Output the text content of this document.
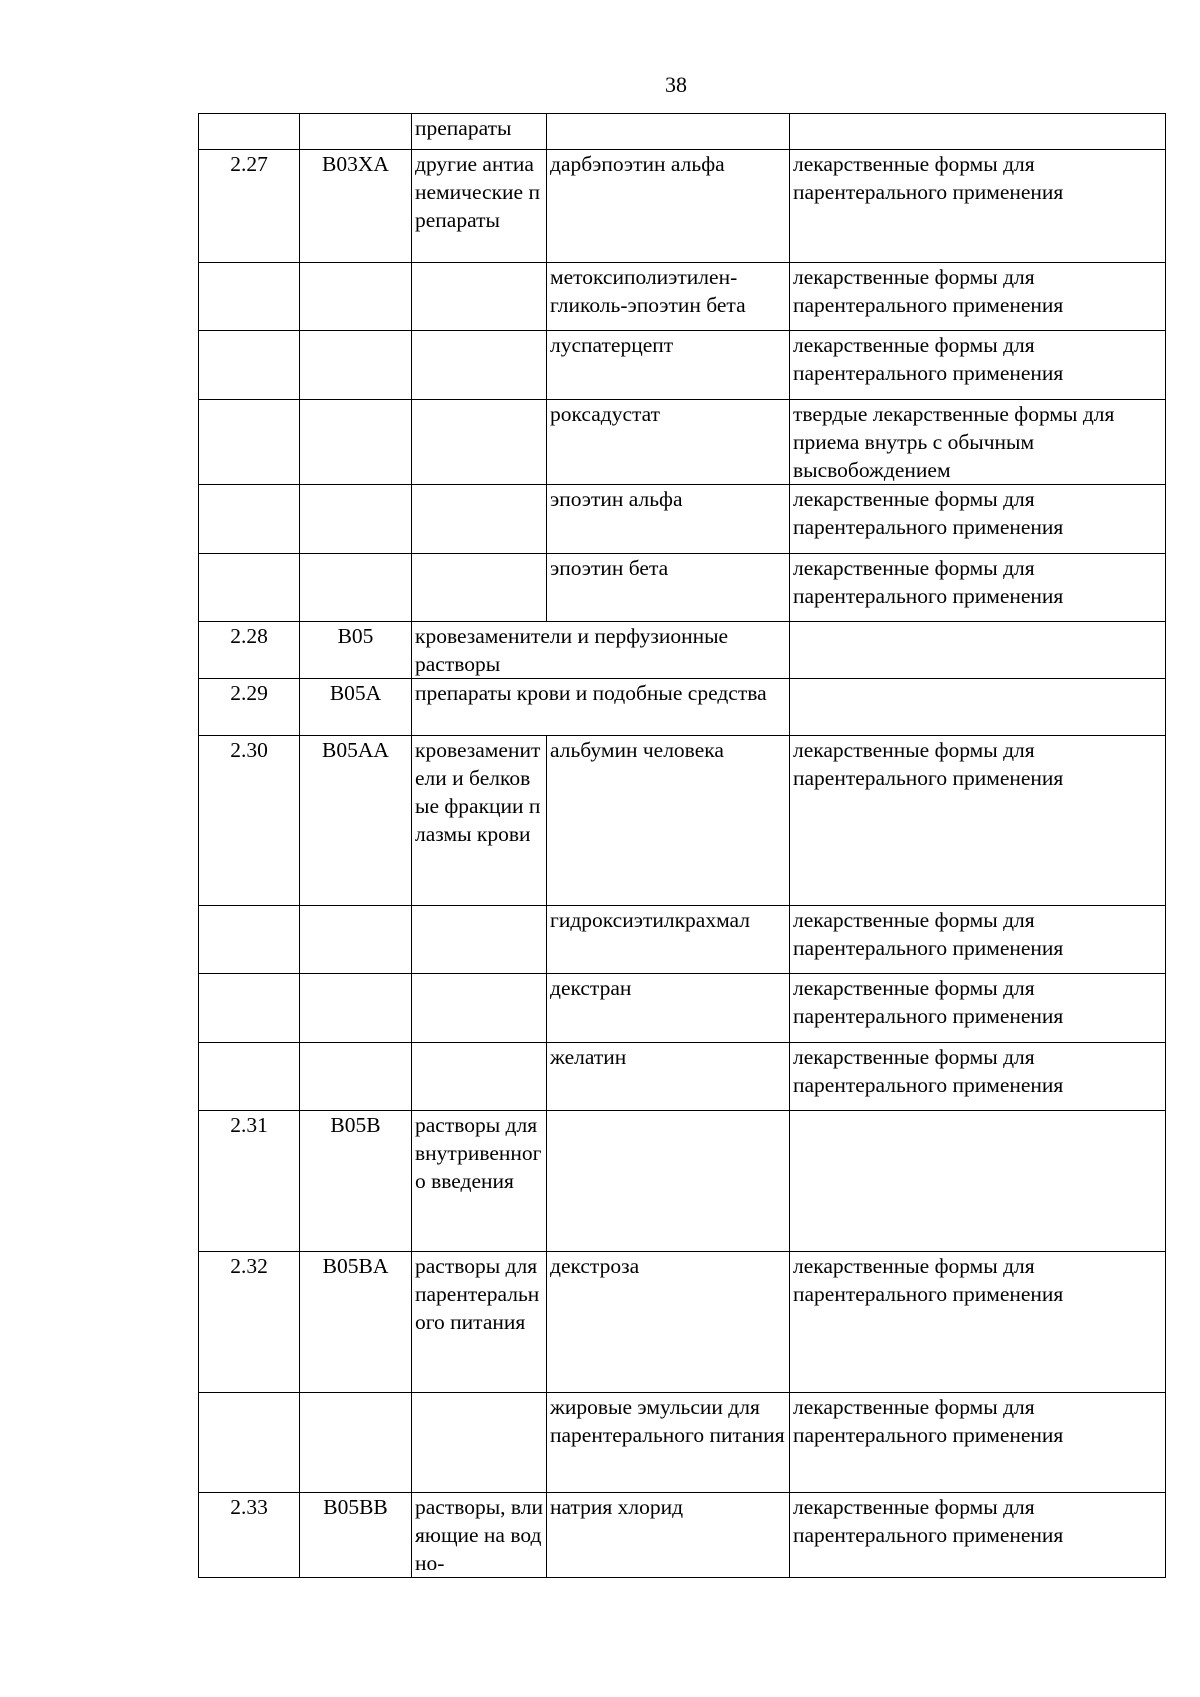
38
		препараты		
2.27	B03XA	другие антианемические препараты	дарбэпоэтин альфа	лекарственные формы для парентерального применения
			метоксиполиэтилен-гликоль-эпоэтин бета	лекарственные формы для парентерального применения
			луспатерцепт	лекарственные формы для парентерального применения
			роксадустат	твердые лекарственные формы для приема внутрь с обычным высвобождением
			эпоэтин альфа	лекарственные формы для парентерального применения
			эпоэтин бета	лекарственные формы для парентерального применения
2.28	B05	кровезаменители и перфузионные растворы		
2.29	B05A	препараты крови и подобные средства		
2.30	B05AA	кровезаменители и белковые фракции плазмы крови	альбумин человека	лекарственные формы для парентерального применения
			гидроксиэтилкрахмал	лекарственные формы для парентерального применения
			декстран	лекарственные формы для парентерального применения
			желатин	лекарственные формы для парентерального применения
2.31	B05B	растворы для внутривенного введения		
2.32	B05BA	растворы для парентерального питания	декстроза	лекарственные формы для парентерального применения
			жировые эмульсии для парентерального питания	лекарственные формы для парентерального применения
2.33	B05BB	растворы, влияющие на водно-	натрия хлорид	лекарственные формы для парентерального применения
